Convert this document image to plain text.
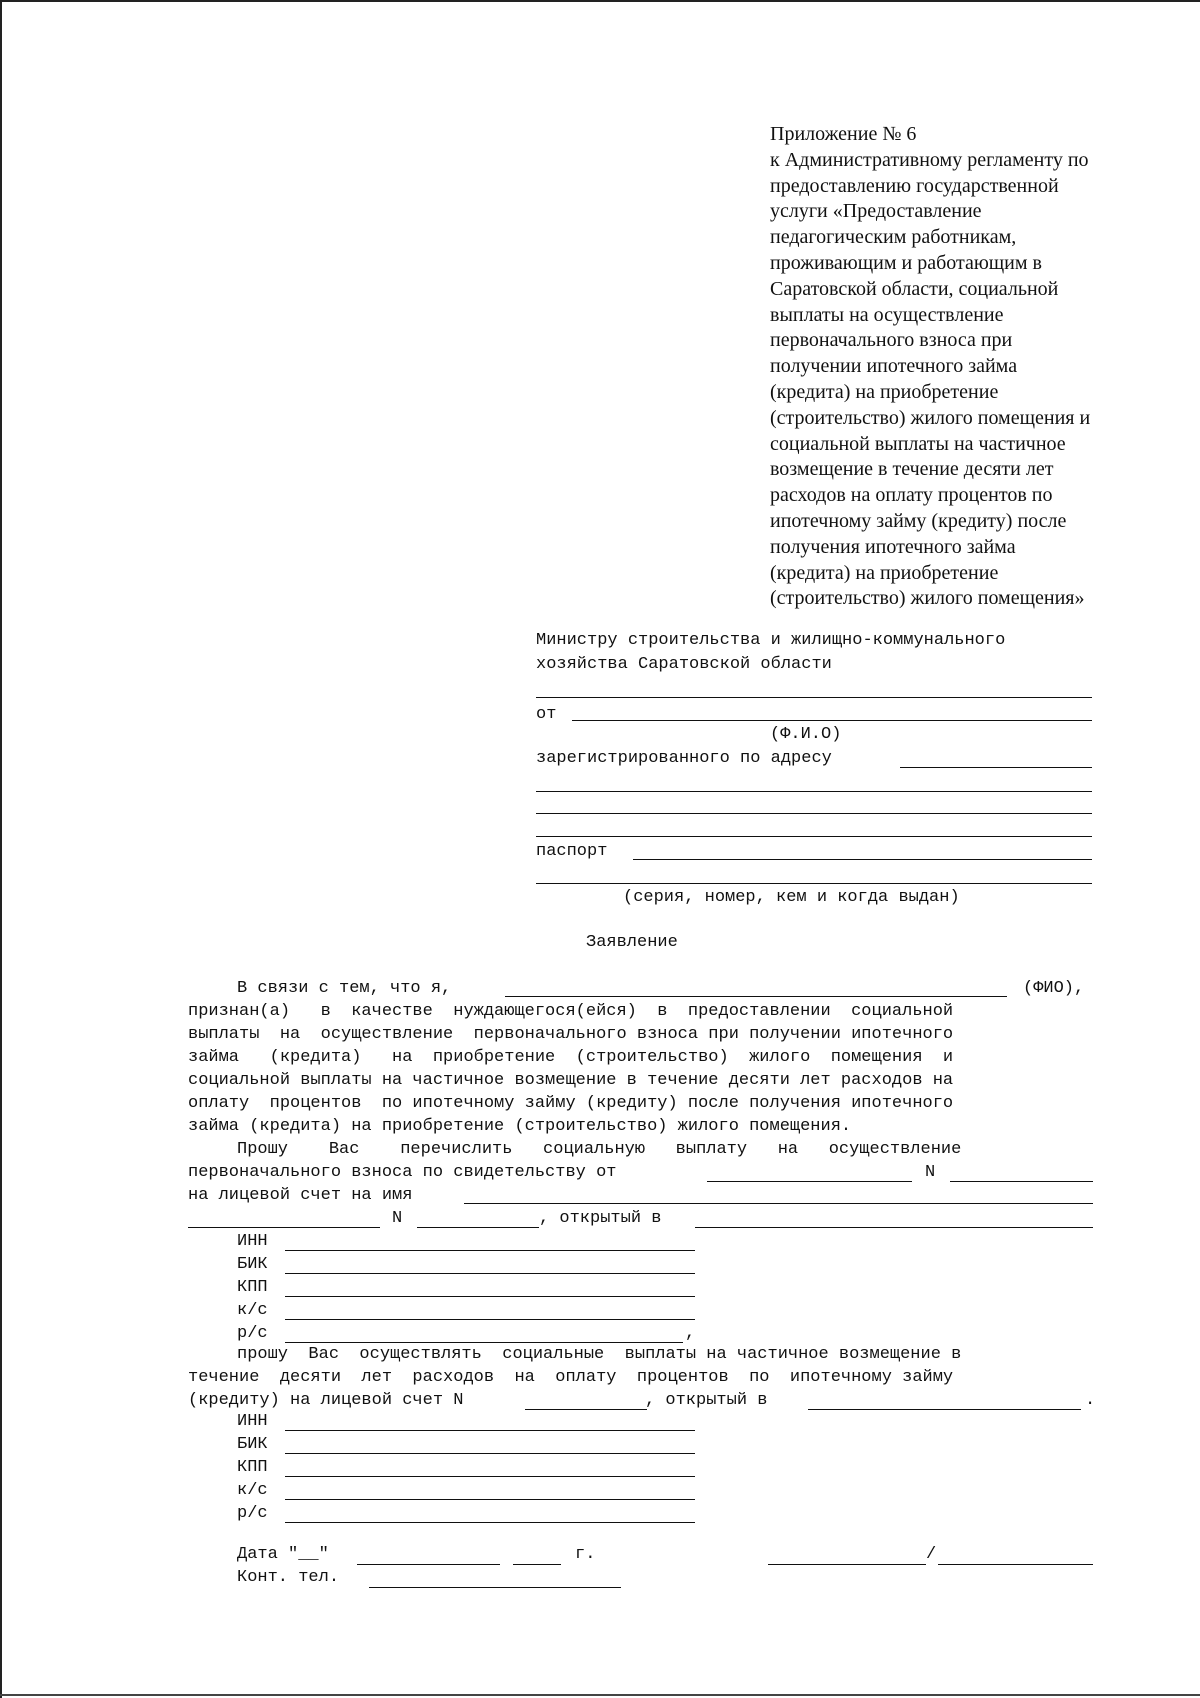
Приложение № 6
к Административному регламенту по
предоставлению государственной
услуги «Предоставление
педагогическим работникам,
проживающим и работающим в
Саратовской области, социальной
выплаты на осуществление
первоначального взноса при
получении ипотечного займа
(кредита) на приобретение
(строительство) жилого помещения и
социальной выплаты на частичное
возмещение в течение десяти лет
расходов на оплату процентов по
ипотечному займу (кредиту) после
получения ипотечного займа
(кредита) на приобретение
(строительство) жилого помещения»
Министру строительства и жилищно-коммунального
хозяйства Саратовской области
от
(Ф.И.О)
зарегистрированного по адресу
паспорт
(серия, номер, кем и когда выдан)
Заявление
В связи с тем, что я,	(ФИО),
признан(а)   в  качестве  нуждающегося(ейся)  в  предоставлении  социальной
выплаты  на  осуществление  первоначального взноса при получении ипотечного
займа   (кредита)   на  приобретение  (строительство)  жилого  помещения  и
социальной выплаты на частичное возмещение в течение десяти лет расходов на
оплату  процентов  по ипотечному займу (кредиту) после получения ипотечного
займа (кредита) на приобретение (строительство) жилого помещения.
Прошу    Вас    перечислить   социальную   выплату   на   осуществление
первоначального взноса по свидетельству от	N
на лицевой счет на имя
N	, открытый в
ИНН
БИК
КПП
к/с
р/с	,
прошу  Вас  осуществлять  социальные  выплаты на частичное возмещение в
течение  десяти  лет  расходов  на  оплату  процентов  по  ипотечному займу
(кредиту) на лицевой счет N	, открытый в	.
ИНН
БИК
КПП
к/с
р/с
Дата "__"	г.	/
Конт. тел.
